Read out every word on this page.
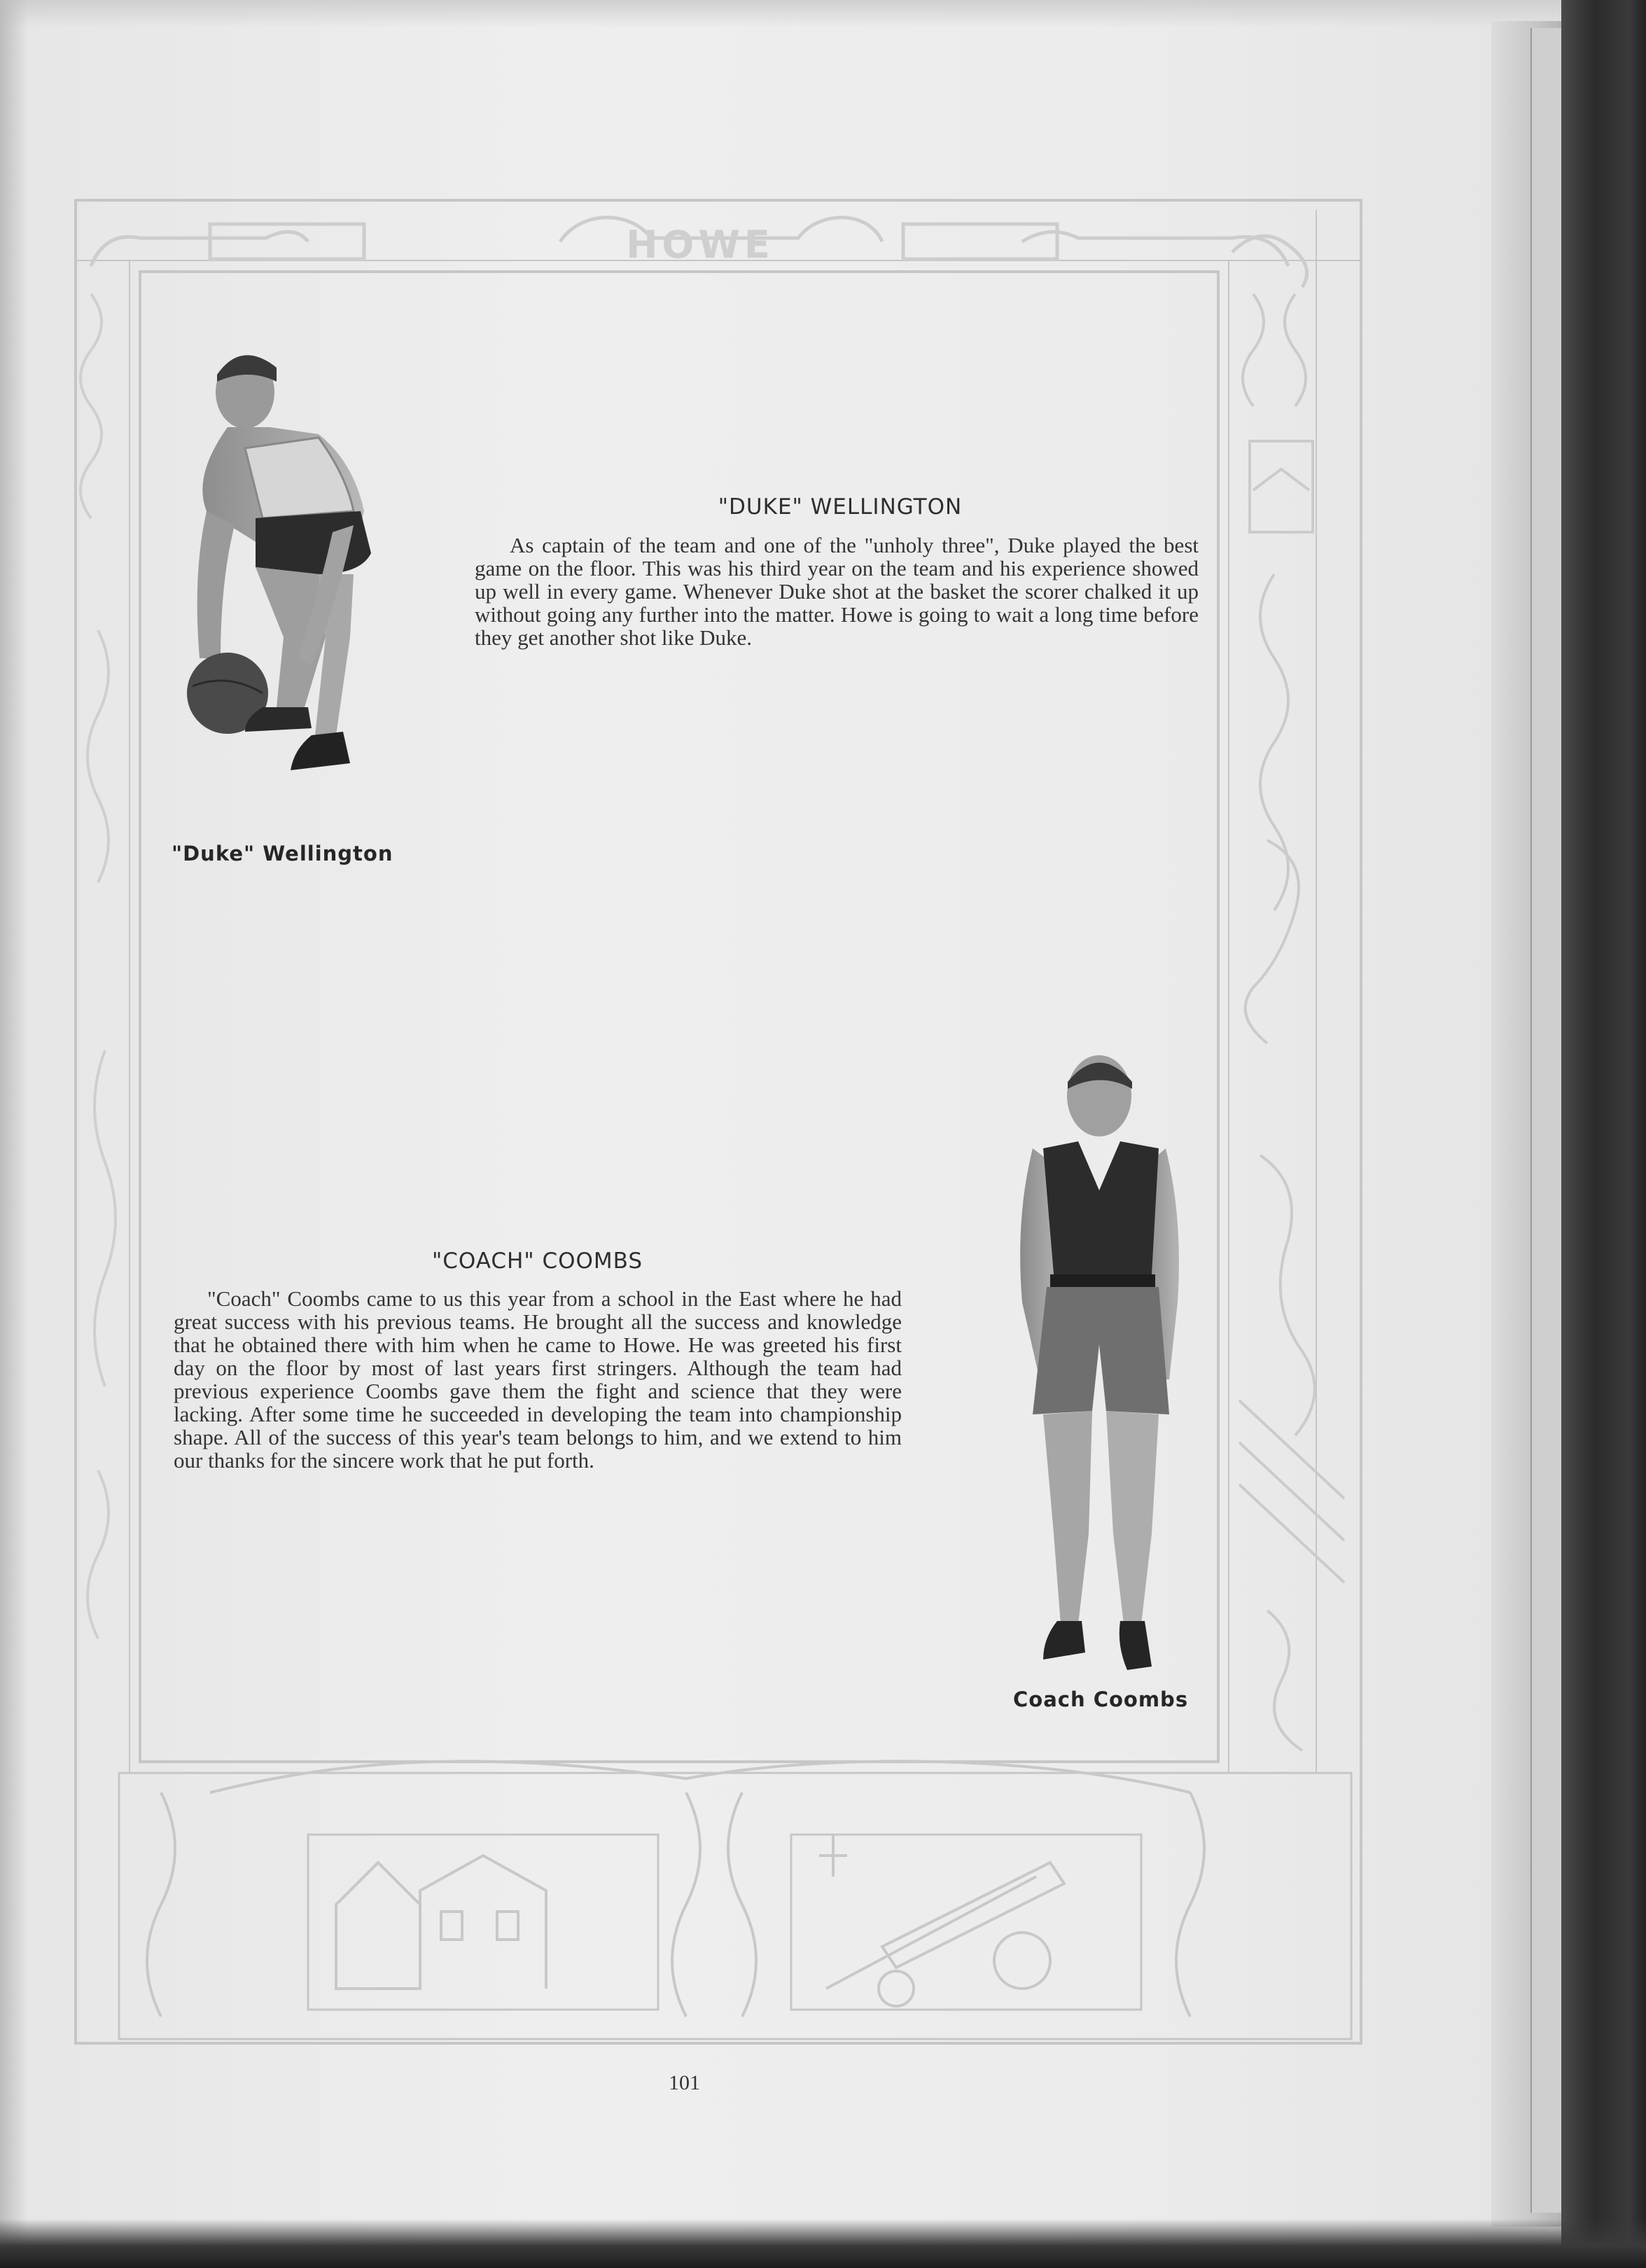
HOWE
"DUKE" WELLINGTON
As captain of the team and one of the "unholy three", Duke played the best game on the floor. This was his third year on the team and his experience showed up well in every game. Whenever Duke shot at the basket the scorer chalked it up without going any further into the matter. Howe is going to wait a long time before they get another shot like Duke.
"Duke" Wellington
"COACH" COOMBS
"Coach" Coombs came to us this year from a school in the East where he had great success with his previous teams. He brought all the success and knowledge that he obtained there with him when he came to Howe. He was greeted his first day on the floor by most of last years first stringers. Although the team had previous experience Coombs gave them the fight and science that they were lacking. After some time he succeeded in developing the team into championship shape. All of the success of this year's team belongs to him, and we extend to him our thanks for the sincere work that he put forth.
Coach Coombs
101
